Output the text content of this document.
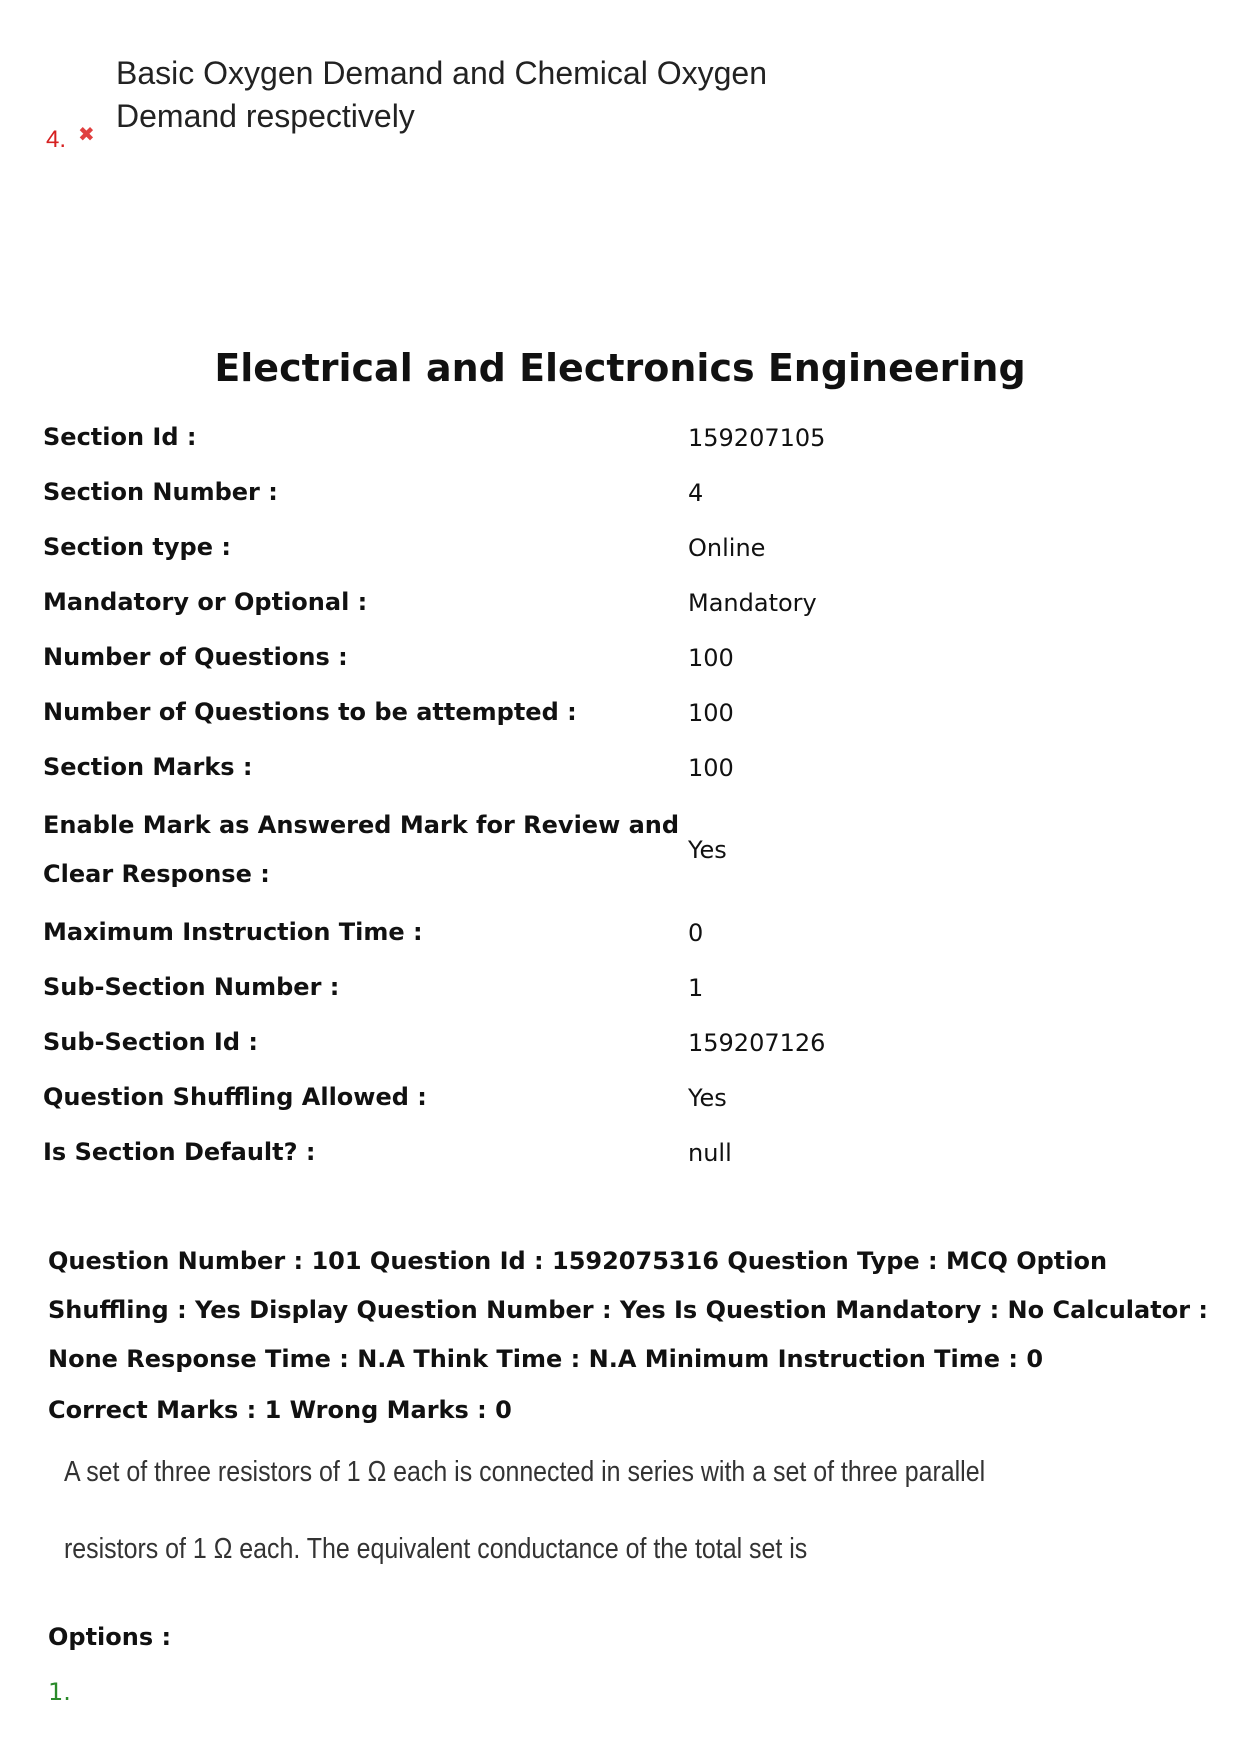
4. ✖
Basic Oxygen Demand and Chemical Oxygen
Demand respectively
Electrical and Electronics Engineering
Section Id :	159207105
Section Number :	4
Section type :	Online
Mandatory or Optional :	Mandatory
Number of Questions :	100
Number of Questions to be attempted :	100
Section Marks :	100
Enable Mark as Answered Mark for Review and Clear Response :	Yes
Maximum Instruction Time :	0
Sub-Section Number :	1
Sub-Section Id :	159207126
Question Shuffling Allowed :	Yes
Is Section Default? :	null
Question Number : 101 Question Id : 1592075316 Question Type : MCQ Option Shuffling : Yes Display Question Number : Yes Is Question Mandatory : No Calculator : None Response Time : N.A Think Time : N.A Minimum Instruction Time : 0
Correct Marks : 1 Wrong Marks : 0
A set of three resistors of 1 Ω each is connected in series with a set of three parallel
resistors of 1 Ω each. The equivalent conductance of the total set is
Options :
1.
